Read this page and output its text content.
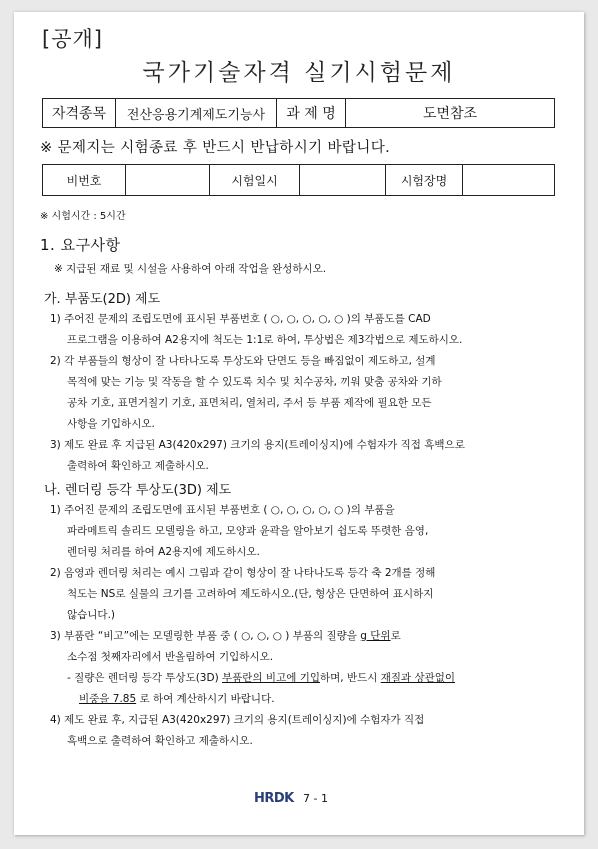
[공개]
국가기술자격 실기시험문제
자격종목	전산응용기계제도기능사	과 제 명	도면참조
※ 문제지는 시험종료 후 반드시 반납하시기 바랍니다.
비번호		시험일시		시험장명	
※ 시험시간 : 5시간
1. 요구사항
※ 지급된 재료 및 시설을 사용하여 아래 작업을 완성하시오.
가. 부품도(2D) 제도
1) 주어진 문제의 조립도면에 표시된 부품번호 ( ○, ○, ○, ○, ○ )의 부품도를 CAD
프로그램을 이용하여 A2용지에 척도는 1:1로 하여, 투상법은 제3각법으로 제도하시오.
2) 각 부품들의 형상이 잘 나타나도록 투상도와 단면도 등을 빠짐없이 제도하고, 설계
목적에 맞는 기능 및 작동을 할 수 있도록 치수 및 치수공차, 끼워 맞춤 공차와 기하
공차 기호, 표면거칠기 기호, 표면처리, 열처리, 주서 등 부품 제작에 필요한 모든
사항을 기입하시오.
3) 제도 완료 후 지급된 A3(420x297) 크기의 용지(트레이싱지)에 수험자가 직접 흑백으로
출력하여 확인하고 제출하시오.
나. 렌더링 등각 투상도(3D) 제도
1) 주어진 문제의 조립도면에 표시된 부품번호 ( ○, ○, ○, ○, ○ )의 부품을
파라메트릭 솔리드 모델링을 하고, 모양과 윤곽을 알아보기 쉽도록 뚜렷한 음영,
렌더링 처리를 하여 A2용지에 제도하시오.
2) 음영과 렌더링 처리는 예시 그림과 같이 형상이 잘 나타나도록 등각 축 2개를 정해
척도는 NS로 실물의 크기를 고려하여 제도하시오.(단, 형상은 단면하여 표시하지
않습니다.)
3) 부품란 “비고”에는 모델링한 부품 중 ( ○, ○, ○ ) 부품의 질량을 g 단위로
소수점 첫째자리에서 반올림하여 기입하시오.
- 질량은 렌더링 등각 투상도(3D) 부품란의 비고에 기입하며, 반드시 재질과 상관없이
비중을 7.85 로 하여 계산하시기 바랍니다.
4) 제도 완료 후, 지급된 A3(420x297) 크기의 용지(트레이싱지)에 수험자가 직접
흑백으로 출력하여 확인하고 제출하시오.
HRDK 7 - 1
